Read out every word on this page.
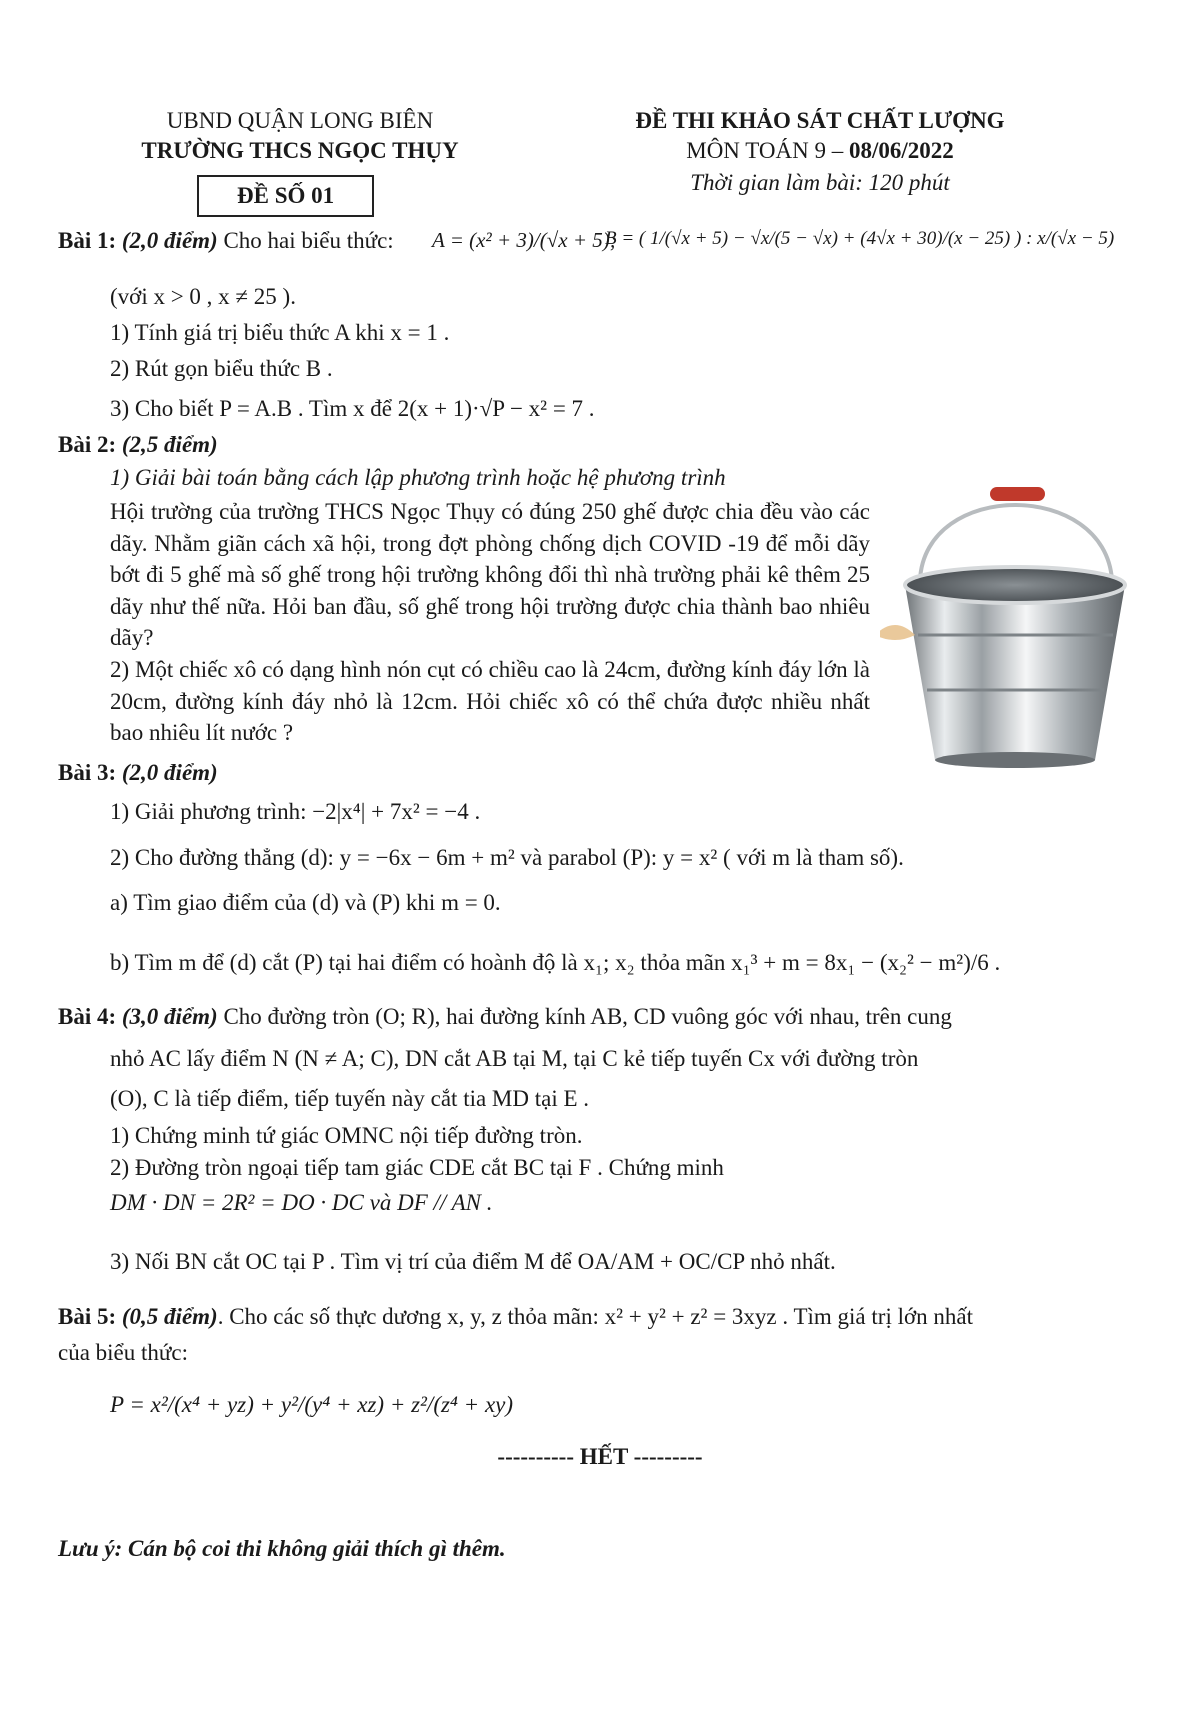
UBND QUẬN LONG BIÊN
TRƯỜNG THCS NGỌC THỤY
ĐỀ SỐ 01
ĐỀ THI KHẢO SÁT CHẤT LƯỢNG
MÔN TOÁN 9 – 08/06/2022
Thời gian làm bài: 120 phút
Bài 1: (2,0 điểm) Cho hai biểu thức: A = (x² + 3)/(√x + 5);
B = ( 1/(√x + 5) − √x/(5 − √x) + (4√x + 30)/(x − 25) ) : x/(√x − 5)
(với x > 0 , x ≠ 25 ).
1) Tính giá trị biểu thức A khi x = 1 .
2) Rút gọn biểu thức B .
3) Cho biết P = A.B . Tìm x để 2(x + 1)·√P − x² = 7 .
Bài 2: (2,5 điểm)
1) Giải bài toán bằng cách lập phương trình hoặc hệ phương trình
Hội trường của trường THCS Ngọc Thụy có đúng 250 ghế được chia đều vào các dãy. Nhằm giãn cách xã hội, trong đợt phòng chống dịch COVID -19 để mỗi dãy bớt đi 5 ghế mà số ghế trong hội trường không đổi thì nhà trường phải kê thêm 25 dãy như thế nữa. Hỏi ban đầu, số ghế trong hội trường được chia thành bao nhiêu dãy?
2) Một chiếc xô có dạng hình nón cụt có chiều cao là 24cm, đường kính đáy lớn là 20cm, đường kính đáy nhỏ là 12cm. Hỏi chiếc xô có thể chứa được nhiều nhất bao nhiêu lít nước ?
Bài 3: (2,0 điểm)
1) Giải phương trình: −2|x⁴| + 7x² = −4 .
2) Cho đường thẳng (d): y = −6x − 6m + m² và parabol (P): y = x² ( với m là tham số).
a) Tìm giao điểm của (d) và (P) khi m = 0.
b) Tìm m để (d) cắt (P) tại hai điểm có hoành độ là x₁; x₂ thỏa mãn x₁³ + m = 8x₁ − (x₂² − m²)/6 .
Bài 4: (3,0 điểm) Cho đường tròn (O; R), hai đường kính AB, CD vuông góc với nhau, trên cung
nhỏ AC lấy điểm N (N ≠ A; C), DN cắt AB tại M, tại C kẻ tiếp tuyến Cx với đường tròn
(O), C là tiếp điểm, tiếp tuyến này cắt tia MD tại E .
1) Chứng minh tứ giác OMNC nội tiếp đường tròn.
2) Đường tròn ngoại tiếp tam giác CDE cắt BC tại F . Chứng minh
DM · DN = 2R² = DO · DC và DF // AN .
3) Nối BN cắt OC tại P . Tìm vị trí của điểm M để OA/AM + OC/CP nhỏ nhất.
Bài 5: (0,5 điểm). Cho các số thực dương x, y, z thỏa mãn: x² + y² + z² = 3xyz . Tìm giá trị lớn nhất
của biểu thức:
P = x²/(x⁴ + yz) + y²/(y⁴ + xz) + z²/(z⁴ + xy)
---------- HẾT ---------
Lưu ý: Cán bộ coi thi không giải thích gì thêm.
